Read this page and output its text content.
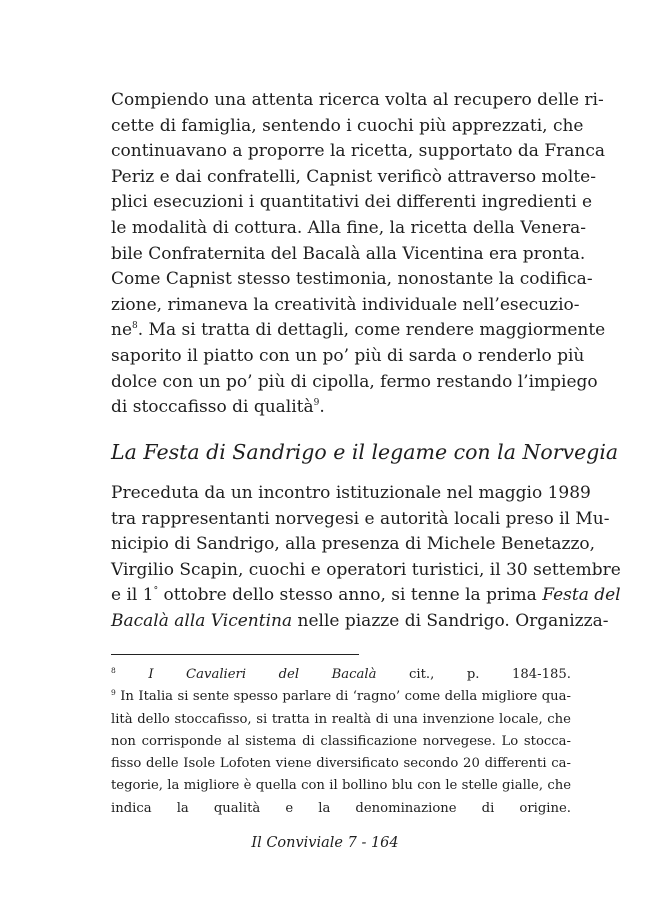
Compiendo una attenta ricerca volta al recupero delle ri-
cette di famiglia, sentendo i cuochi più apprezzati, che
continuavano a proporre la ricetta, supportato da Franca
Periz e dai confratelli, Capnist verificò attraverso molte-
plici esecuzioni i quantitativi dei differenti ingredienti e
le modalità di cottura. Alla fine, la ricetta della Venera-
bile Confraternita del Bacalà alla Vicentina era pronta.
Come Capnist stesso testimonia, nonostante la codifica-
zione, rimaneva la creatività individuale nell’esecuzio-
$ne^8$. Ma si tratta di dettagli, come rendere maggiormente
saporito il piatto con un po’ più di sarda o renderlo più
dolce con un po’ più di cipolla, fermo restando l’impiego
di stoccafisso di qualità$^9$.
La Festa di Sandrigo e il legame con la Norvegia
Preceduta da un incontro istituzionale nel maggio 1989
tra rappresentanti norvegesi e autorità locali preso il Mu-
nicipio di Sandrigo, alla presenza di Michele Benetazzo,
Virgilio Scapin, cuochi e operatori turistici, il 30 settembre
e il 1° ottobre dello stesso anno, si tenne la prima Festa del
Bacalà alla Vicentina nelle piazze di Sandrigo. Organizza-
$^8$ I Cavalieri del Bacalà cit., p. 184-185.
$^9$ In Italia si sente spesso parlare di ‘ragno’ come della migliore qua-
lità dello stoccafisso, si tratta in realtà di una invenzione locale, che
non corrisponde al sistema di classificazione norvegese. Lo stocca-
fisso delle Isole Lofoten viene diversificato secondo 20 differenti ca-
tegorie, la migliore è quella con il bollino blu con le stelle gialle, che
indica la qualità e la denominazione di origine.
Il Conviviale 7 - 164
